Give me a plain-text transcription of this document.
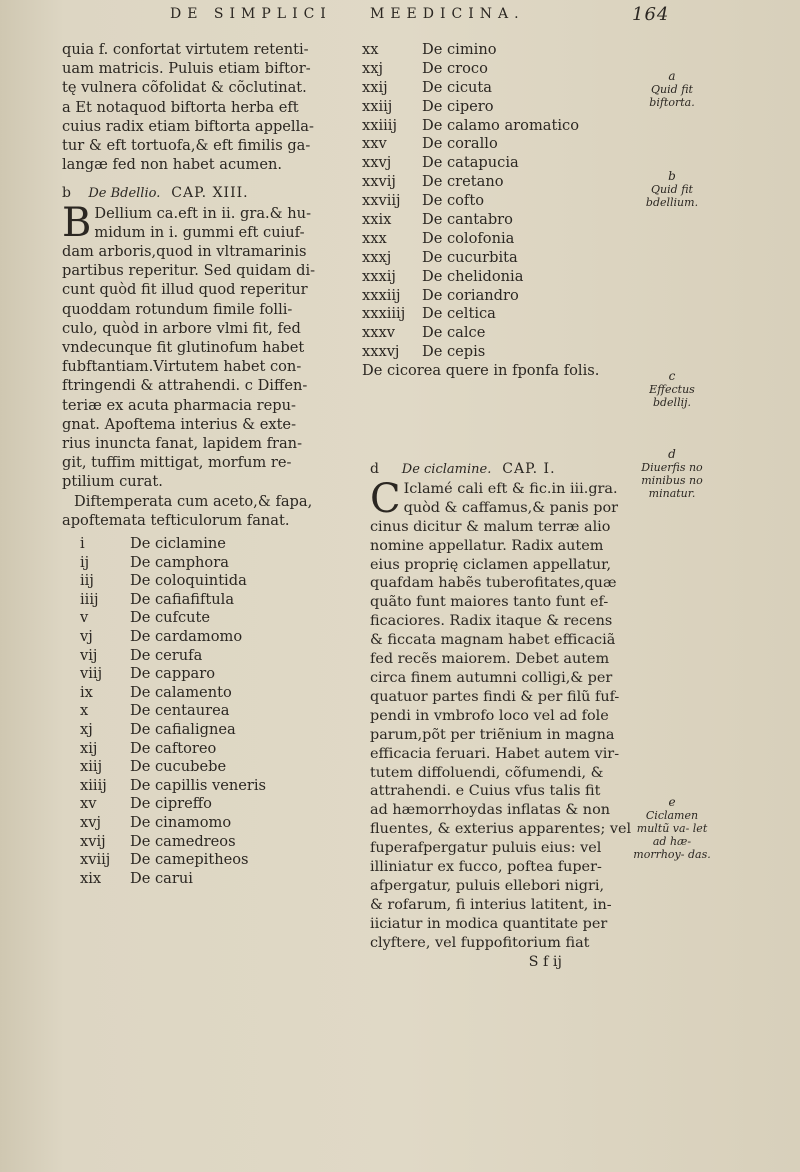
DE SIMPLICI	MEEDICINA.	164

quia f. confortat virtutem retenti-

uam matricis. Puluis etiam biftor-

tę vulnera cõfolidat & cõclutinat.

a Et notaquod biftorta herba eft

cuius radix etiam biftorta appella-

tur & eft tortuofa,& eft fimilis ga-

langæ fed non habet acumen.

b De Bdellio. CAP. XIII.

B Dellium ca.eft in ii. gra.& hu-

midum in i. gummi eft cuiuf-

dam arboris,quod in vltramarinis

partibus reperitur. Sed quidam di-

cunt quòd fit illud quod reperitur

quoddam rotundum fimile folli-

culo, quòd in arbore vlmi fit, fed

vndecunque fit glutinofum habet

fubftantiam.Virtutem habet con-

ftringendi & attrahendi. c Diffen-

teriæ ex acuta pharmacia repu-

gnat. Apoftema interius & exte-

rius inuncta fanat, lapidem fran-

git, tuffim mittigat, morfum re-

ptilium curat.

Diftemperata cum aceto,& fapa,

apoftemata tefticulorum fanat.

i	De ciclamine
ij	De camphora
iij	De coloquintida
iiij	De cafiafiftula
v	De cufcute
vj	De cardamomo
vij	De cerufa
viij	De capparo
ix	De calamento
x	De centaurea
xj	De cafialignea
xij	De caftoreo
xiij	De cucubebe
xiiij	De capillis veneris
xv	De cipreffo
xvj	De cinamomo
xvij	De camedreos
xviij	De camepitheos
xix	De carui
xx	De cimino
xxj	De croco
xxij	De cicuta
xxiij	De cipero
xxiiij	De calamo aromatico
xxv	De corallo
xxvj	De catapucia
xxvij	De cretano
xxviij	De cofto
xxix	De cantabro
xxx	De colofonia
xxxj	De cucurbita
xxxij	De chelidonia
xxxiij	De coriandro
xxxiiij	De celtica
xxxv	De calce
xxxvj	De cepis

De cicorea quere in fponfa folis.

d De ciclamine. CAP. I.

C Iclamé cali eft & fic.in iii.gra.

quòd & caffamus,& panis por

cinus dicitur & malum terræ alio

nomine appellatur. Radix autem

eius proprię ciclamen appellatur,

quafdam habẽs tuberofitates,quæ

quãto funt maiores tanto funt ef-

ficaciores. Radix itaque & recens

& ficcata magnam habet efficaciã

fed recẽs maiorem. Debet autem

circa finem autumni colligi,& per

quatuor partes findi & per filũ fuf-

pendi in vmbrofo loco vel ad fole

parum,põt per triẽnium in magna

efficacia feruari. Habet autem vir-

tutem diffoluendi, cõfumendi, &

attrahendi. e Cuius vfus talis fit

ad hæmorrhoydas inflatas & non

fluentes, & exterius apparentes; vel

fuperafpergatur puluis eius: vel

illiniatur ex fucco, poftea fuper-

afpergatur, puluis ellebori nigri,

& rofarum, fi interius latitent, in-

iiciatur in modica quantitate per

clyftere, vel fuppofitorium fiat

S f ij

a
Quid fit biftorta.
b
Quid fit bdellium.
c
Effectus bdellij.
d
Diuerfis no minibus no minatur.
e
Ciclamen multũ va- let ad hæ- morrhoy- das.
